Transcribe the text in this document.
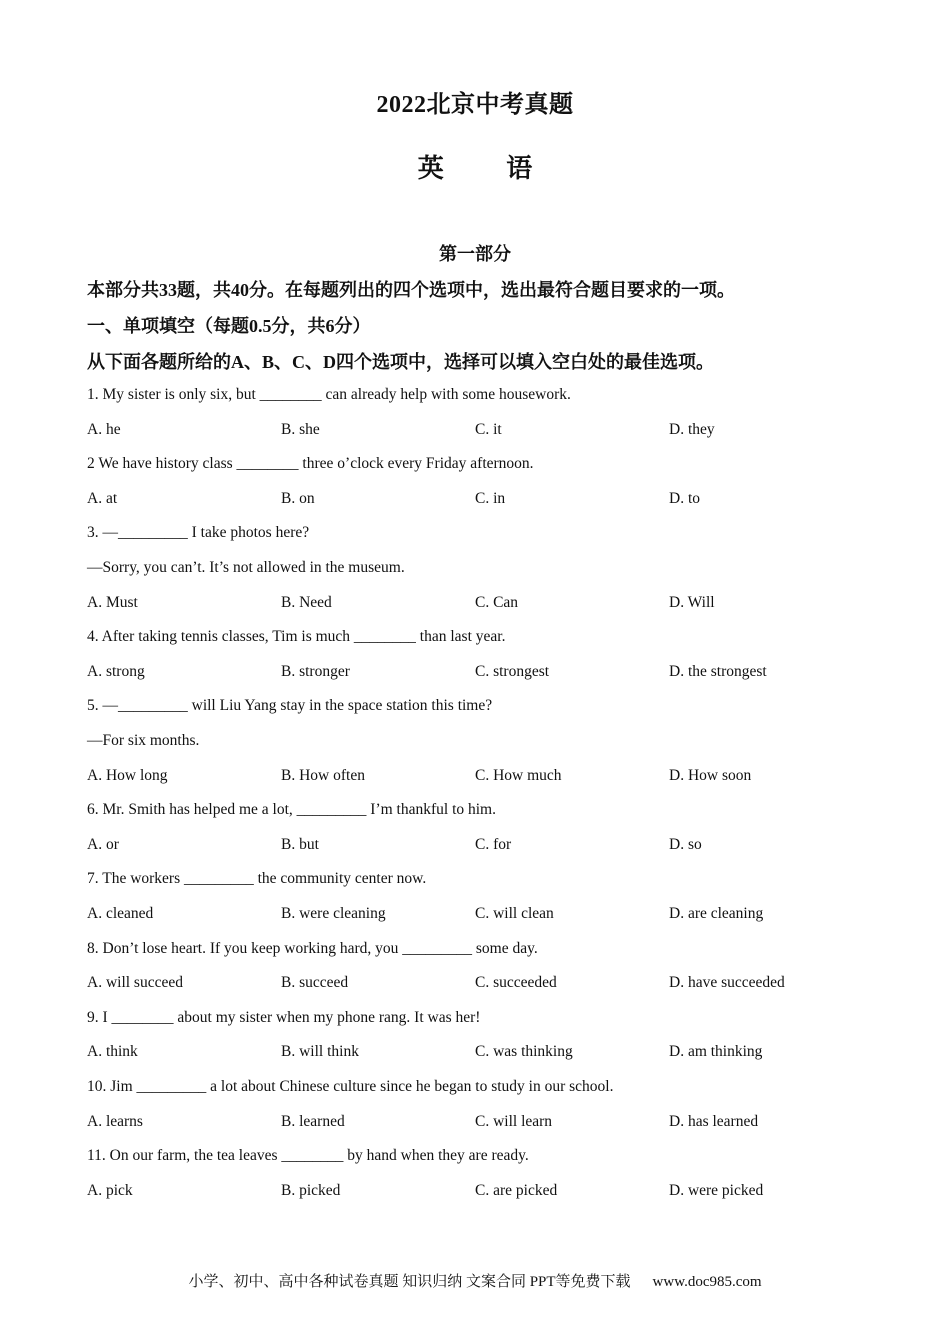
2022北京中考真题
英 语
第一部分
本部分共33题，共40分。在每题列出的四个选项中，选出最符合题目要求的一项。
一、单项填空（每题0.5分，共6分）
从下面各题所给的A、B、C、D四个选项中，选择可以填入空白处的最佳选项。
1. My sister is only six, but ________ can already help with some housework.
A. he	B. she	C. it	D. they
2 We have history class ________ three o’clock every Friday afternoon.
A. at	B. on	C. in	D. to
3. —_________ I take photos here?
—Sorry, you can’t. It’s not allowed in the museum.
A. Must	B. Need	C. Can	D. Will
4. After taking tennis classes, Tim is much ________ than last year.
A. strong	B. stronger	C. strongest	D. the strongest
5. —_________ will Liu Yang stay in the space station this time?
—For six months.
A. How long	B. How often	C. How much	D. How soon
6. Mr. Smith has helped me a lot, _________ I’m thankful to him.
A. or	B. but	C. for	D. so
7. The workers _________ the community center now.
A. cleaned	B. were cleaning	C. will clean	D. are cleaning
8. Don’t lose heart. If you keep working hard, you _________ some day.
A. will succeed	B. succeed	C. succeeded	D. have succeeded
9. I ________ about my sister when my phone rang. It was her!
A. think	B. will think	C. was thinking	D. am thinking
10. Jim _________ a lot about Chinese culture since he began to study in our school.
A. learns	B. learned	C. will learn	D. has learned
11. On our farm, the tea leaves ________ by hand when they are ready.
A. pick	B. picked	C. are picked	D. were picked
小学、初中、高中各种试卷真题 知识归纳 文案合同 PPT等免费下载 www.doc985.com
